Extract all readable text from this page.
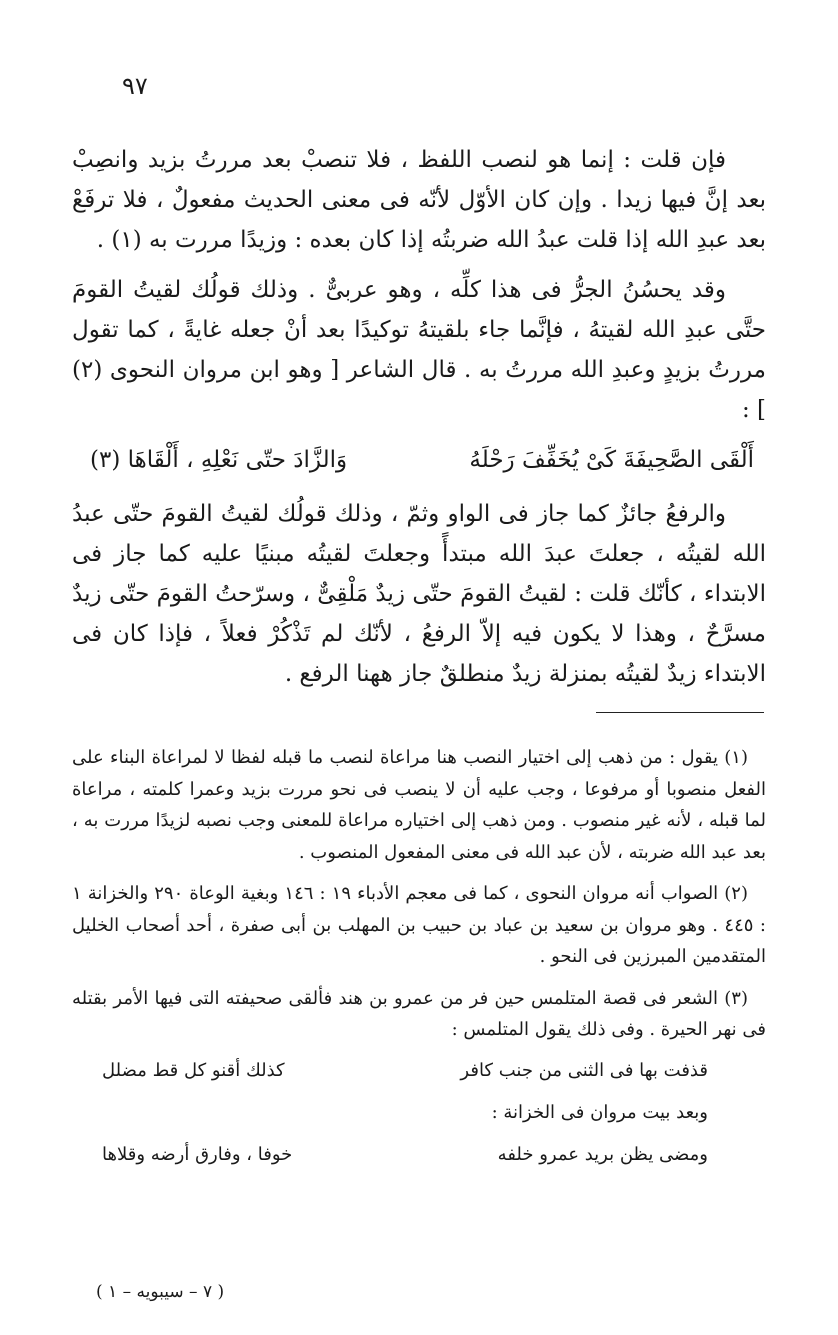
٩٧

فإن قلت : إنما هو لنصب اللفظ ، فلا تنصبْ بعد مررتُ بزيد وانصِبْ بعد إنَّ فيها زيدا . وإن كان الأوّل لأنّه فى معنى الحديث مفعولٌ ، فلا ترفَعْ بعد عبدِ الله إذا قلت عبدُ الله ضربتُه إذا كان بعده : وزيدًا مررت به (١) .

وقد يحسُنُ الجرُّ فى هذا كلِّه ، وهو عربىٌّ . وذلك قولُك لقيتُ القومَ حتَّى عبدِ الله لقيتهُ ، فإنَّما جاء بلقيتهُ توكيدًا بعد أنْ جعله غايةً ، كما تقول مررتُ بزيدٍ وعبدِ الله مررتُ به . قال الشاعر [ وهو ابن مروان النحوى (٢) ] :

أَلْقَى الصَّحِيفَةَ كَىْ يُخَفِّفَ رَحْلَهُ
وَالزَّادَ حتّى نَعْلِهِ ، أَلْقَاهَا (٣)

والرفعُ جائزٌ كما جاز فى الواو وثمّ ، وذلك قولُك لقيتُ القومَ حتّى عبدُ الله لقيتُه ، جعلتَ عبدَ الله مبتدأً وجعلتَ لقيتُه مبنيًا عليه كما جاز فى الابتداء ، كأنّك قلت : لقيتُ القومَ حتّى زيدٌ مَلْقِىٌّ ، وسرّحتُ القومَ حتّى زيدٌ مسرَّحٌ ، وهذا لا يكون فيه إلاّ الرفعُ ، لأنّك لم تَذْكُرْ فعلاً ، فإذا كان فى الابتداء زيدٌ لقيتُه بمنزلة زيدٌ منطلقٌ جاز ههنا الرفع .

(١) يقول : من ذهب إلى اختيار النصب هنا مراعاة لنصب ما قبله لفظا لا لمراعاة البناء على الفعل منصوبا أو مرفوعا ، وجب عليه أن لا ينصب فى نحو مررت بزيد وعمرا كلمته ، مراعاة لما قبله ، لأنه غير منصوب . ومن ذهب إلى اختياره مراعاة للمعنى وجب نصبه لزيدًا مررت به ، بعد عبد الله ضربته ، لأن عبد الله فى معنى المفعول المنصوب .

(٢) الصواب أنه مروان النحوى ، كما فى معجم الأدباء ١٩ : ١٤٦ وبغية الوعاة ٢٩٠ والخزانة ١ : ٤٤٥ . وهو مروان بن سعيد بن عباد بن حبيب بن المهلب بن أبى صفرة ، أحد أصحاب الخليل المتقدمين المبرزين فى النحو .

(٣) الشعر فى قصة المتلمس حين فر من عمرو بن هند فألقى صحيفته التى فيها الأمر بقتله فى نهر الحيرة . وفى ذلك يقول المتلمس :

قذفت بها فى الثنى من جنب كافر
كذلك أقنو كل قط مضلل
وبعد بيت مروان فى الخزانة :
ومضى يظن بريد عمرو خلفه
خوفا ، وفارق أرضه وقلاها
( ٧ – سيبويه – ١ )
